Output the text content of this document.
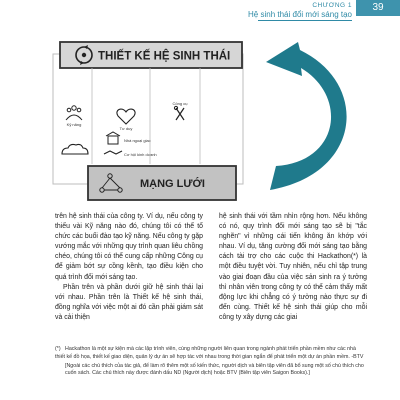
CHƯƠNG 1
Hệ sinh thái đổi mới sáng tạo
39
THIẾT KẾ HỆ SINH THÁI
Kỹ năng
Tư duy
Công cụ
Nhà ngoại giao
Cơ hội kinh doanh
MẠNG LƯỚI
Phát triển liên tục

trên hệ sinh thái của công ty. Ví dụ, nếu công ty thiếu vài Kỹ năng nào đó, chúng tôi có thể tổ chức các buổi đào tạo kỹ năng. Nếu công ty gặp vướng mắc với những quy trình quan liêu chồng chéo, chúng tôi có thể cung cấp những Công cụ để giảm bớt sự cồng kềnh, tạo điều kiện cho quá trình đổi mới sáng tạo.

Phần trên và phần dưới giữ hệ sinh thái lại với nhau. Phần trên là Thiết kế hệ sinh thái, đồng nghĩa với việc một ai đó cần phải giám sát và cải thiện

hệ sinh thái với tầm nhìn rộng hơn. Nếu không có nó, quy trình đổi mới sáng tạo sẽ bị "tắc nghẽn" vì những cái tiến không ăn khớp với nhau. Ví dụ, tăng cường đổi mới sáng tạo bằng cách tài trợ cho các cuộc thi Hackathon(*) là một điều tuyệt vời. Tuy nhiên, nếu chỉ tập trung vào giai đoạn đầu của việc sản sinh ra ý tưởng thì nhân viên trong công ty có thể cảm thấy mất động lực khi chẳng có ý tưởng nào thực sự đi đến cùng. Thiết kế hệ sinh thái giúp cho mỗi công ty xây dựng các giai

(*) Hackathon là một sự kiện mà các lập trình viên, cùng những người liên quan trong ngành phát triển phần mềm như các nhà thiết kế đồ họa, thiết kế giao diện, quản lý dự án sẽ hợp tác với nhau trong thời gian ngắn để phát triển một dự án phần mềm. -BTV

[Ngoài các chú thích của tác giả, để làm rõ thêm một số kiến thức, người dịch và biên tập viên đã bổ sung một số chú thích cho cuốn sách. Các chú thích này được đánh dấu ND (Người dịch) hoặc BTV (Biên tập viên Saigon Books).]
